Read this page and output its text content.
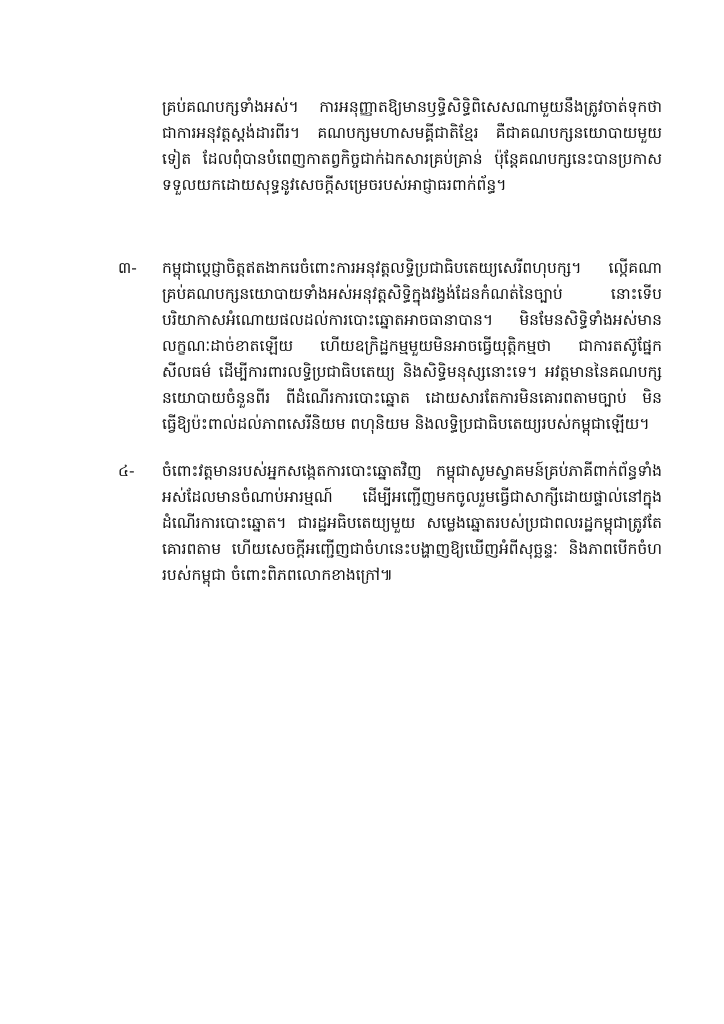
គ្រប់គណបក្សទាំងអស់។ ការអនុញ្ញាតឱ្យមានឫទ្ធិសិទ្ធិពិសេសណាមួយនឹងត្រូវចាត់ទុកថា ជាការអនុវត្តស្តង់ដារពីរ។ គណបក្សមហាសមគ្គីជាតិខ្មែរ គឺជាគណបក្សនយោបាយមួយទៀត ដែលពុំបានបំពេញកាតព្វកិច្ចជាក់ឯកសារគ្រប់គ្រាន់ ប៉ុន្តែគណបក្សនេះបានប្រកាសទទួលយកដោយសុទ្ធនូវសេចក្តីសម្រេចរបស់អាជ្ញាធរពាក់ព័ន្ធ។

៣-	កម្ពុជាប្តេជ្ញាចិត្តឥតងាករេចំពោះការអនុវត្តលទ្ធិប្រជាធិបតេយ្យសេរីពហុបក្ស។ លើ្កគណាគ្រប់គណបក្សនយោបាយទាំងអស់អនុវត្តសិទ្ធិក្នុងវង្វង់ដែនកំណត់នៃច្បាប់ នោះទើបបរិយាកាសអំណោយផលដល់ការបោះឆ្នោតអាចធានាបាន។ មិនមែនសិទ្ធិទាំងអស់មានលក្ខណៈដាច់ខាតឡើយ ហើយឧក្រិដ្ឋកម្មមួយមិនអាចធ្វើយុត្តិកម្មថា ជាការតស៊ូផ្នែកសីលធម៌ ដើម្បីការពារលទ្ធិប្រជាធិបតេយ្យ និងសិទ្ធិមនុស្សនោះទេ។ អវត្តមាននៃគណបក្សនយោបាយចំនួនពីរ ពីដំណើរការបោះឆ្នោត ដោយសារតែការមិនគោរពតាមច្បាប់ មិនធ្វើឱ្យប៉ះពាល់ដល់ភាពសេរីនិយម ពហុនិយម និងលទ្ធិប្រជាធិបតេយ្យរបស់កម្ពុជាឡើយ។

៤-	ចំពោះវត្តមានរបស់អ្នកសង្កេតការបោះឆ្នោតវិញ កម្ពុជាសូមស្វាគមន៍គ្រប់ភាគីពាក់ព័ន្ធទាំងអស់ដែលមានចំណាប់អារម្មណ៍ ដើម្បីអញ្ជើញមកចូលរួមធ្វើជាសាក្សីដោយផ្ទាល់នៅក្នុងដំណើរការបោះឆ្នោត។ ជារដ្ឋអធិបតេយ្យមួយ សម្លេងឆ្នោតរបស់ប្រជាពលរដ្ឋកម្ពុជាត្រូវតែគោរពតាម ហើយសេចក្តីអញ្ជើញជាចំហនេះបង្ហាញឱ្យឃើញអំពីសុច្ឆន្ទៈ និងភាពបើកចំហរបស់កម្ពុជា ចំពោះពិភពលោកខាងក្រៅ៕
